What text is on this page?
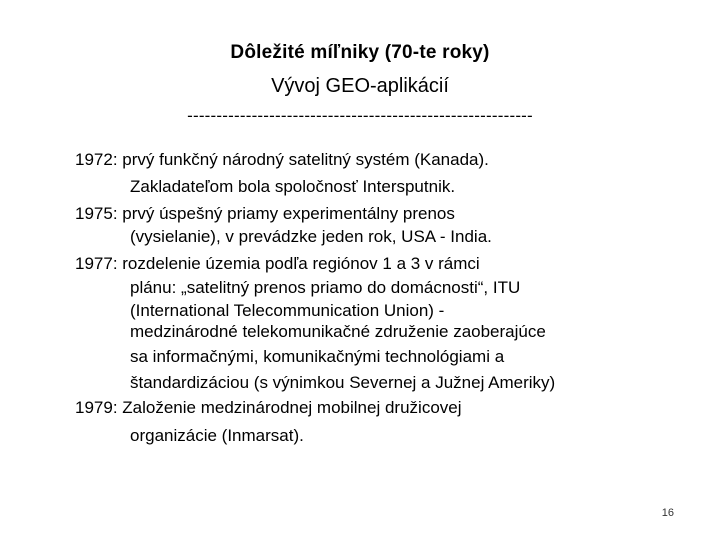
Dôležité míľniky (70-te roky)
Vývoj GEO-aplikácií
-----------------------------------------------------------
1972: prvý funkčný národný satelitný systém (Kanada).
Zakladateľom bola spoločnosť Intersputnik.
1975: prvý úspešný priamy experimentálny prenos
(vysielanie), v prevádzke jeden rok, USA - India.
1977: rozdelenie územia podľa regiónov 1 a 3 v rámci
plánu: „satelitný prenos priamo do domácnosti“, ITU
(International Telecommunication Union) -
medzinárodné telekomunikačné združenie zaoberajúce
sa informačnými, komunikačnými technológiami a
štandardizáciou (s výnimkou Severnej a Južnej Ameriky)
1979: Založenie medzinárodnej mobilnej družicovej
organizácie (Inmarsat).
16
